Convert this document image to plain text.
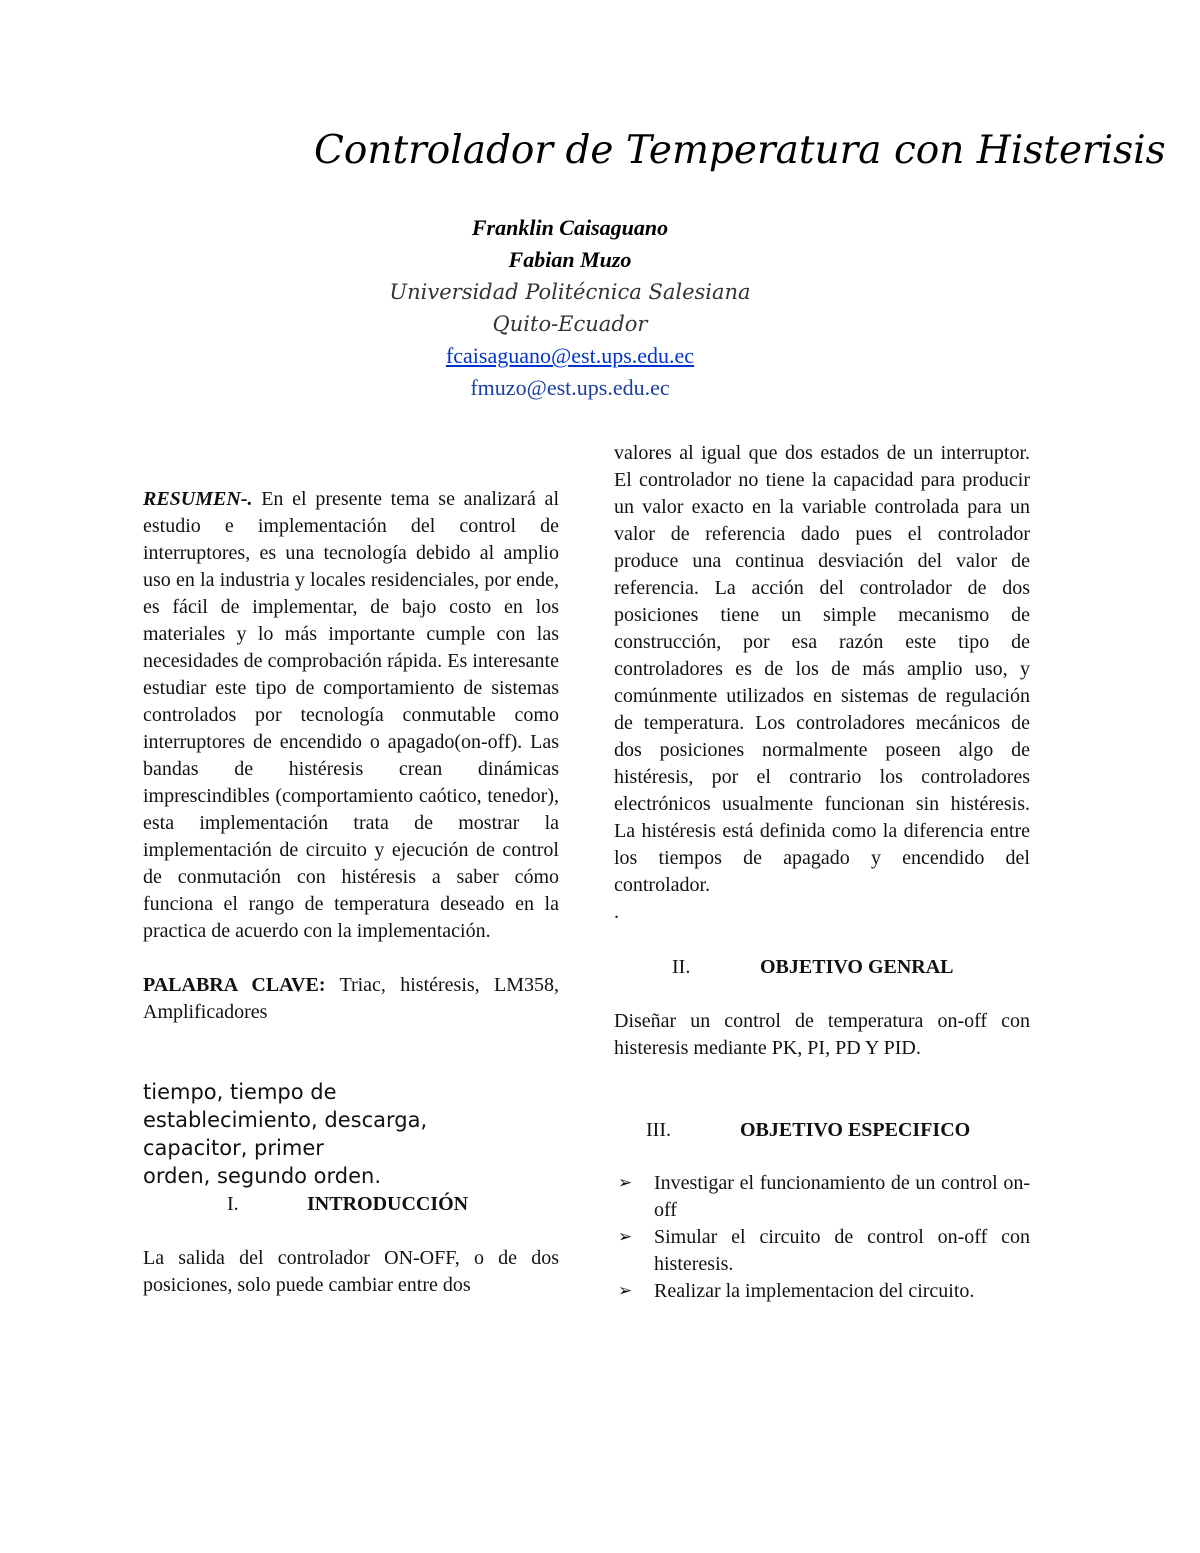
Controlador de Temperatura con Histerisis
Franklin Caisaguano
Fabian Muzo
Universidad Politécnica Salesiana
Quito-Ecuador
fcaisaguano@est.ups.edu.ec
fmuzo@est.ups.edu.ec

RESUMEN-. En el presente tema se analizará al estudio e implementación del control de interruptores, es una tecnología debido al amplio uso en la industria y locales residenciales, por ende, es fácil de implementar, de bajo costo en los materiales y lo más importante cumple con las necesidades de comprobación rápida. Es interesante estudiar este tipo de comportamiento de sistemas controlados por tecnología conmutable como interruptores de encendido o apagado(on-off). Las bandas de histéresis crean dinámicas imprescindibles (comportamiento caótico, tenedor), esta implementación trata de mostrar la implementación de circuito y ejecución de control de conmutación con histéresis a saber cómo funciona el rango de temperatura deseado en la practica de acuerdo con la implementación.

PALABRA CLAVE: Triac, histéresis, LM358, Amplificadores

tiempo, tiempo de

establecimiento, descarga,

capacitor, primer

orden, segundo orden.

I.	INTRODUCCIÓN

La salida del controlador ON-OFF, o de dos posiciones, solo puede cambiar entre dos

valores al igual que dos estados de un interruptor. El controlador no tiene la capacidad para producir un valor exacto en la variable controlada para un valor de referencia dado pues el controlador produce una continua desviación del valor de referencia. La acción del controlador de dos posiciones tiene un simple mecanismo de construcción, por esa razón este tipo de controladores es de los de más amplio uso, y comúnmente utilizados en sistemas de regulación de temperatura. Los controladores mecánicos de dos posiciones normalmente poseen algo de histéresis, por el contrario los controladores electrónicos usualmente funcionan sin histéresis. La histéresis está definida como la diferencia entre los tiempos de apagado y encendido del controlador.

.

II.	OBJETIVO GENRAL

Diseñar un control de temperatura on-off con histeresis mediante PK, PI, PD Y PID.

III.	OBJETIVO ESPECIFICO
➢ Investigar el funcionamiento de un control on-off
➢ Simular el circuito de control on-off con histeresis.
➢ Realizar la implementacion del circuito.
